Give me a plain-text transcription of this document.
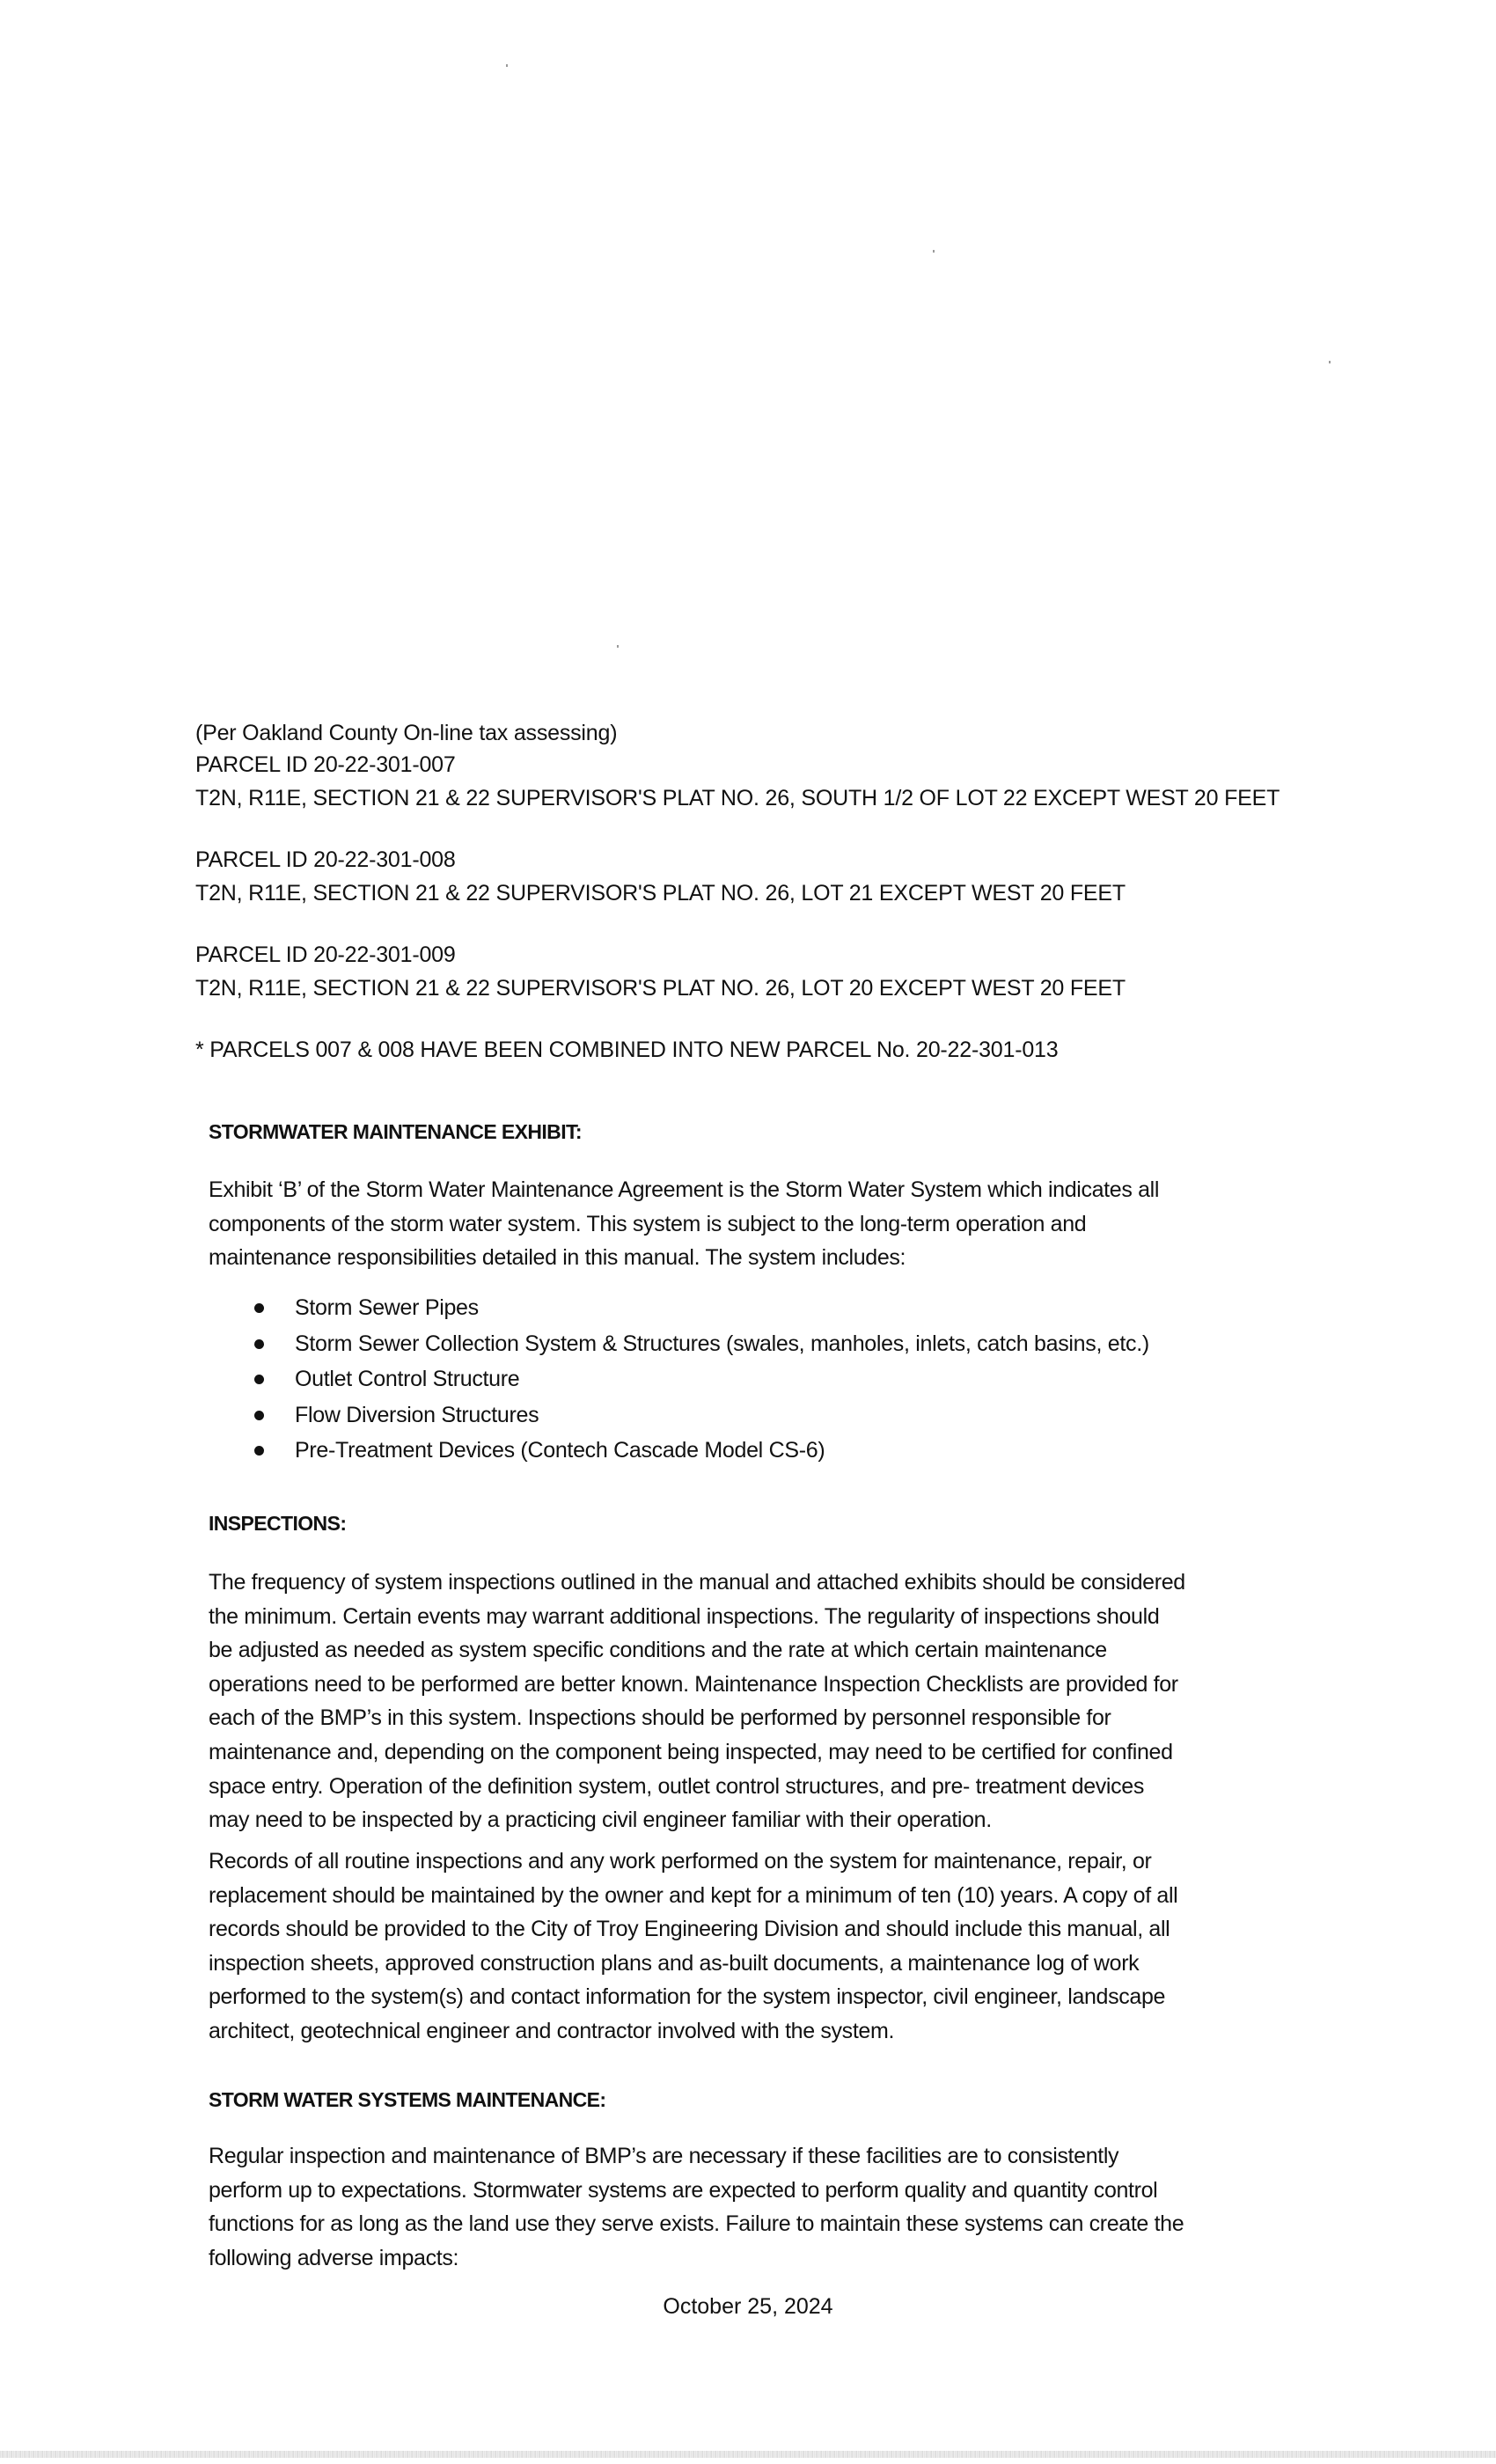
(Per Oakland County On-line tax assessing)
PARCEL ID 20-22-301-007
T2N, R11E, SECTION 21 & 22 SUPERVISOR'S PLAT NO. 26, SOUTH 1/2 OF LOT 22 EXCEPT WEST 20 FEET
PARCEL ID 20-22-301-008
T2N, R11E, SECTION 21 & 22 SUPERVISOR'S PLAT NO. 26, LOT 21 EXCEPT WEST 20 FEET
PARCEL ID 20-22-301-009
T2N, R11E, SECTION 21 & 22 SUPERVISOR'S PLAT NO. 26, LOT 20 EXCEPT WEST 20 FEET
* PARCELS 007 & 008 HAVE BEEN COMBINED INTO NEW PARCEL No. 20-22-301-013
STORMWATER MAINTENANCE EXHIBIT:
Exhibit ‘B’ of the Storm Water Maintenance Agreement is the Storm Water System which indicates all
components of the storm water system. This system is subject to the long-term operation and
maintenance responsibilities detailed in this manual. The system includes:
Storm Sewer Pipes
Storm Sewer Collection System & Structures (swales, manholes, inlets, catch basins, etc.)
Outlet Control Structure
Flow Diversion Structures
Pre-Treatment Devices (Contech Cascade Model CS-6)
INSPECTIONS:
The frequency of system inspections outlined in the manual and attached exhibits should be considered
the minimum. Certain events may warrant additional inspections. The regularity of inspections should
be adjusted as needed as system specific conditions and the rate at which certain maintenance
operations need to be performed are better known. Maintenance Inspection Checklists are provided for
each of the BMP’s in this system. Inspections should be performed by personnel responsible for
maintenance and, depending on the component being inspected, may need to be certified for confined
space entry. Operation of the definition system, outlet control structures, and pre- treatment devices
may need to be inspected by a practicing civil engineer familiar with their operation.
Records of all routine inspections and any work performed on the system for maintenance, repair, or
replacement should be maintained by the owner and kept for a minimum of ten (10) years. A copy of all
records should be provided to the City of Troy Engineering Division and should include this manual, all
inspection sheets, approved construction plans and as-built documents, a maintenance log of work
performed to the system(s) and contact information for the system inspector, civil engineer, landscape
architect, geotechnical engineer and contractor involved with the system.
STORM WATER SYSTEMS MAINTENANCE:
Regular inspection and maintenance of BMP’s are necessary if these facilities are to consistently
perform up to expectations. Stormwater systems are expected to perform quality and quantity control
functions for as long as the land use they serve exists. Failure to maintain these systems can create the
following adverse impacts:
October 25, 2024
